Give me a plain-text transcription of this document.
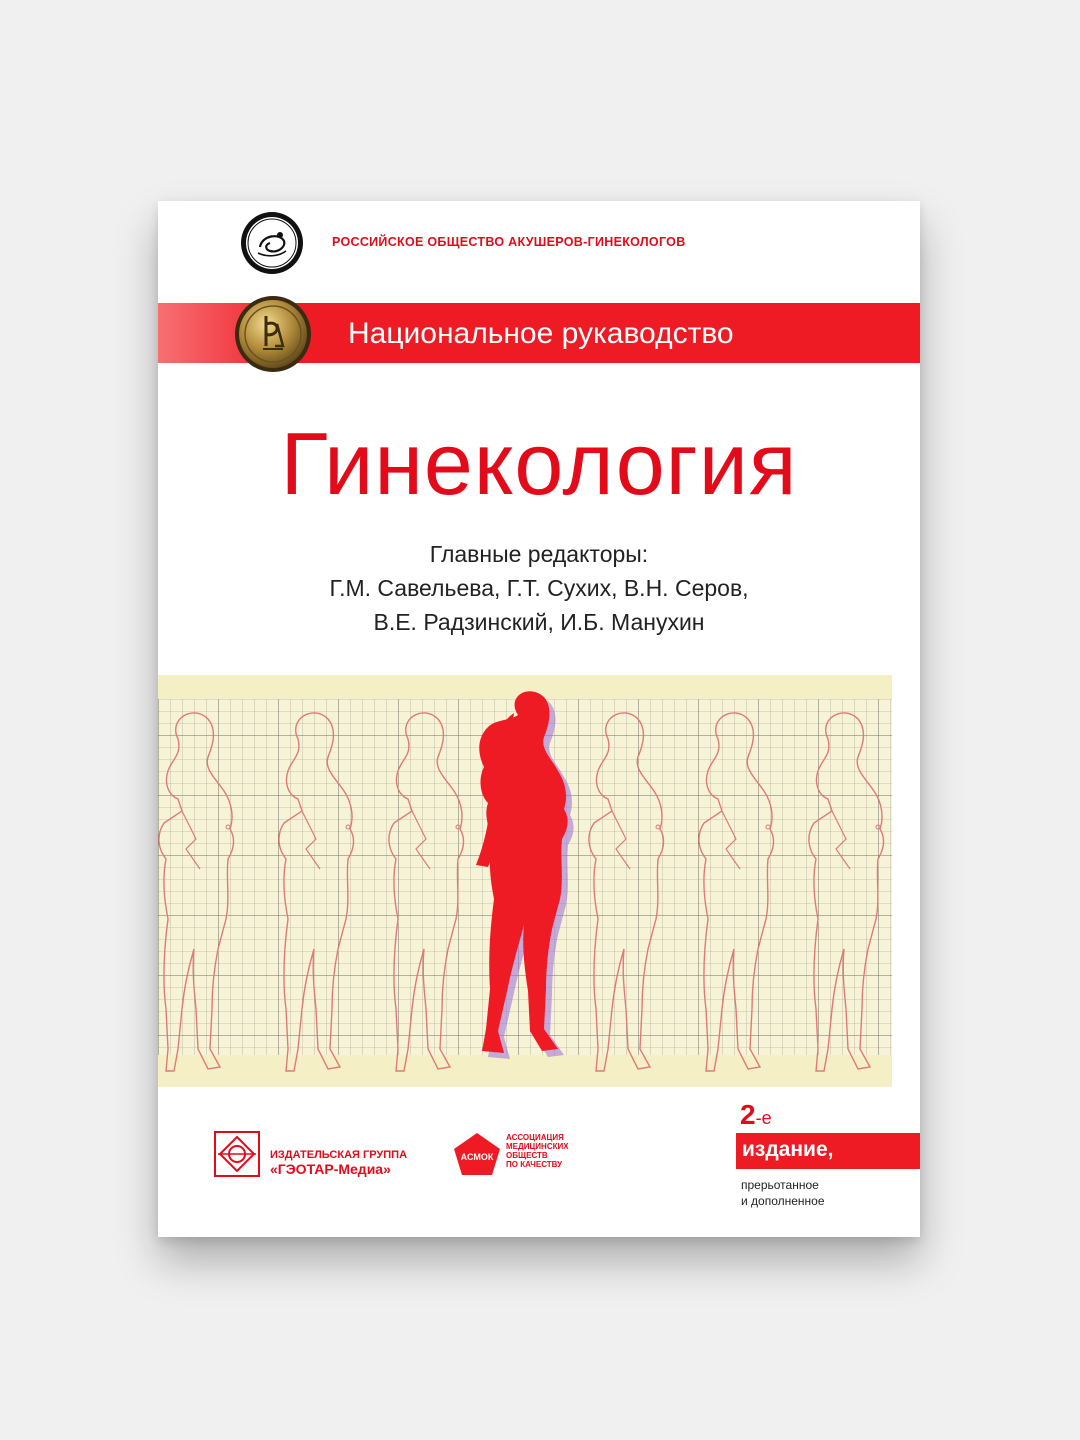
РОССИЙСКОЕ ОБЩЕСТВО АКУШЕРОВ-ГИНЕКОЛОГОВ
Национальное рукаводство
Гинекология
Главные редакторы:
Г.М. Савельева, Г.Т. Сухих, В.Н. Серов,
В.Е. Радзинский, И.Б. Манухин
ИЗДАТЕЛЬСКАЯ ГРУППА
«ГЭОТАР-Медиа»
АСМОК
АССОЦИАЦИЯ
МЕДИЦИНСКИХ
ОБЩЕСТВ
ПО КАЧЕСТВУ
2-е
издание,
прерьотанное
и дополненное
